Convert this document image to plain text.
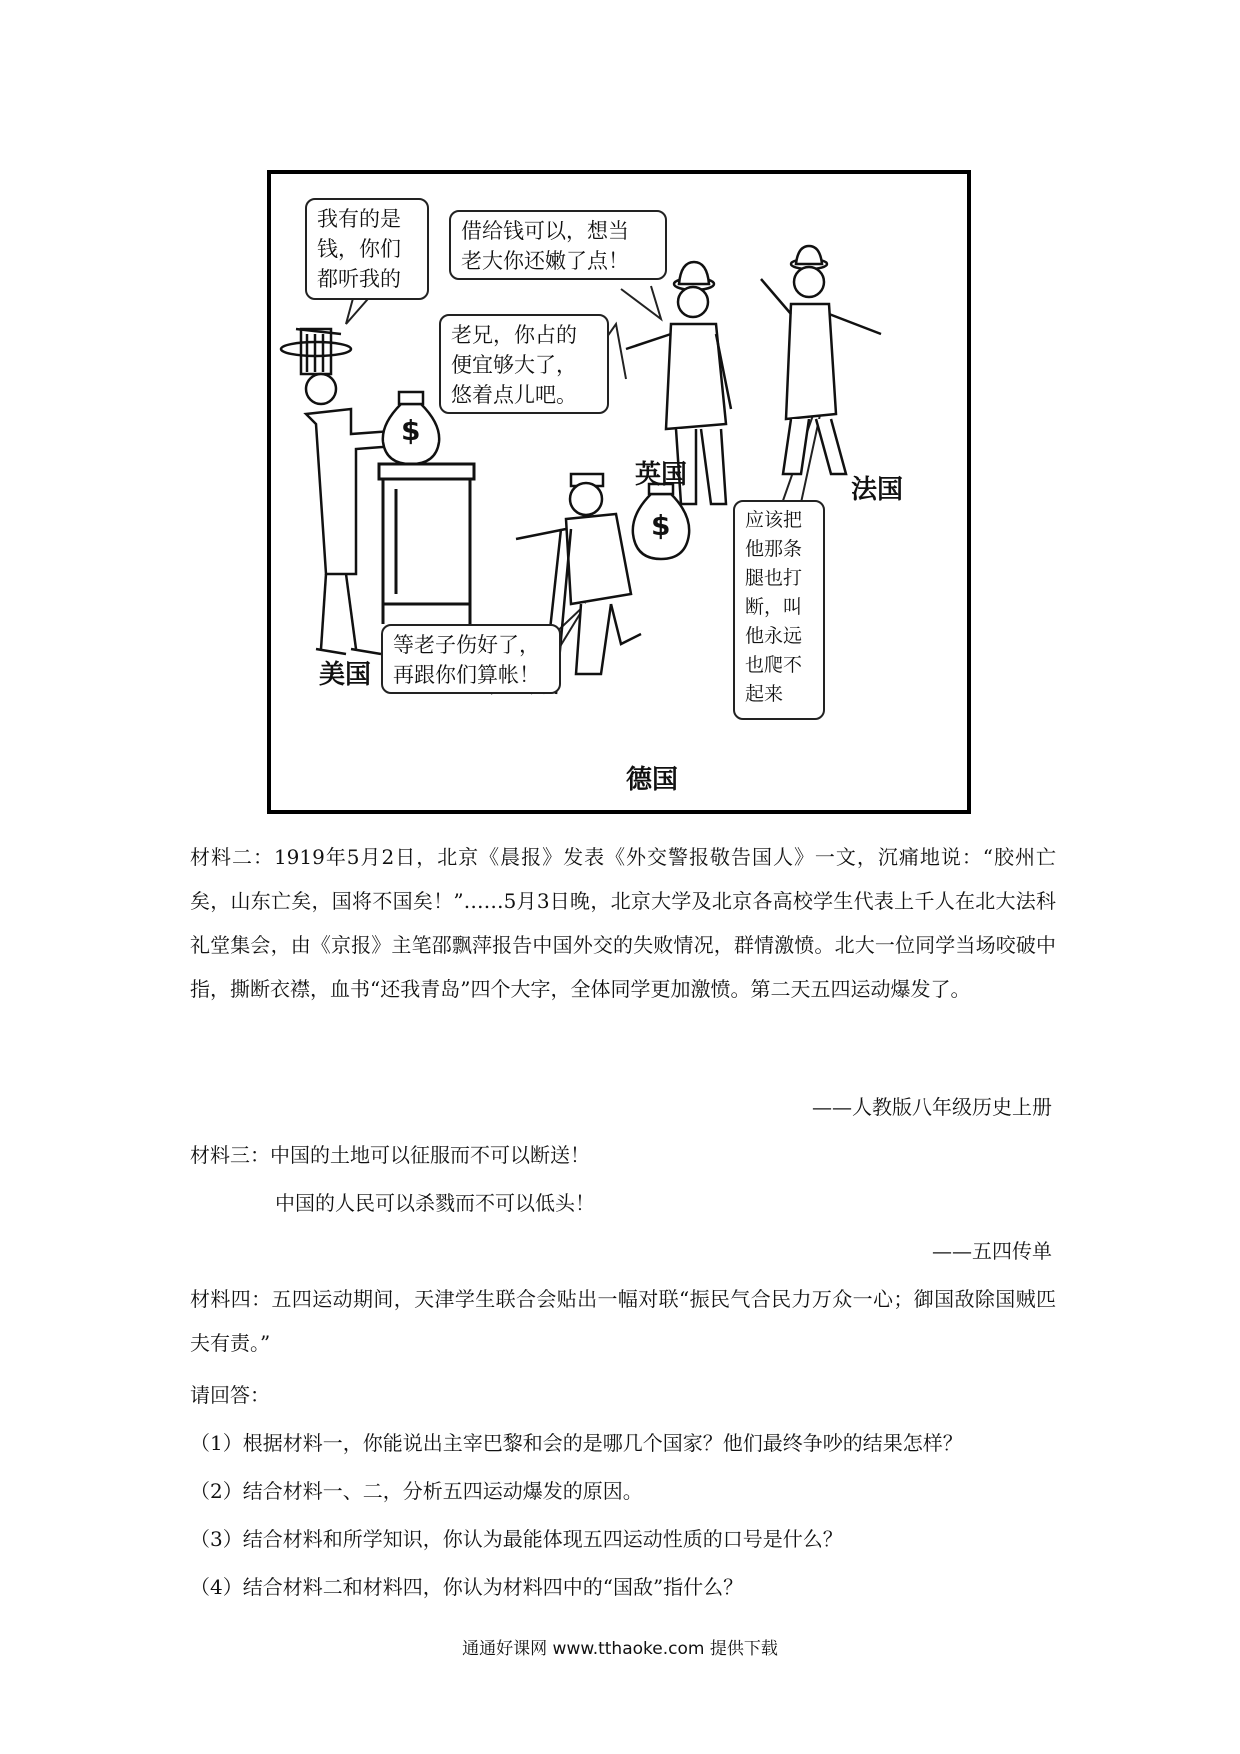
$
$
我有的是
钱，你们
都听我的
借给钱可以，想当
老大你还嫩了点！
老兄，你占的
便宜够大了，
悠着点儿吧。
应该把
他那条
腿也打
断，叫
他永远
也爬不
起来
等老子伤好了，
再跟你们算帐！
美国
英国	法国
德国
材料二：1919年5月2日，北京《晨报》发表《外交警报敬告国人》一文，沉痛地说：“胶州亡矣，山东亡矣，国将不国矣！”……5月3日晚，北京大学及北京各高校学生代表上千人在北大法科礼堂集会，由《京报》主笔邵飘萍报告中国外交的失败情况，群情激愤。北大一位同学当场咬破中指，撕断衣襟，血书“还我青岛”四个大字，全体同学更加激愤。第二天五四运动爆发了。
——人教版八年级历史上册
材料三：中国的土地可以征服而不可以断送！
中国的人民可以杀戮而不可以低头！
——五四传单
材料四：五四运动期间，天津学生联合会贴出一幅对联“振民气合民力万众一心；御国敌除国贼匹夫有责。”
请回答：
（1）根据材料一，你能说出主宰巴黎和会的是哪几个国家？他们最终争吵的结果怎样？
（2）结合材料一、二，分析五四运动爆发的原因。
（3）结合材料和所学知识，你认为最能体现五四运动性质的口号是什么？
（4）结合材料二和材料四，你认为材料四中的“国敌”指什么？
通通好课网 www.tthaoke.com 提供下载
